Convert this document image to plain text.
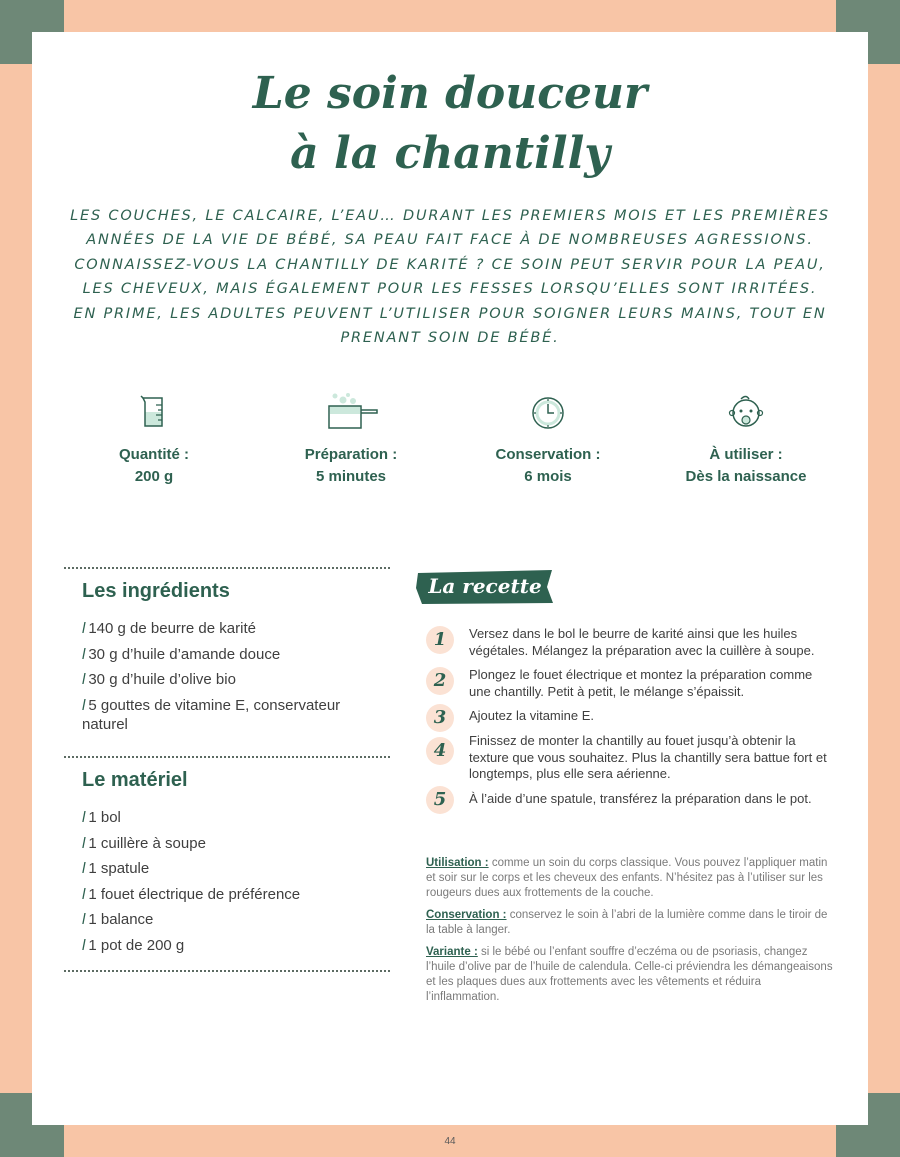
Le soin douceur
à la chantilly

LES COUCHES, LE CALCAIRE, L’EAU… DURANT LES PREMIERS MOIS ET LES PREMIÈRES ANNÉES DE LA VIE DE BÉBÉ, SA PEAU FAIT FACE À DE NOMBREUSES AGRESSIONS. CONNAISSEZ-VOUS LA CHANTILLY DE KARITÉ ? CE SOIN PEUT SERVIR POUR LA PEAU, LES CHEVEUX, MAIS ÉGALEMENT POUR LES FESSES LORSQU’ELLES SONT IRRITÉES. EN PRIME, LES ADULTES PEUVENT L’UTILISER POUR SOIGNER LEURS MAINS, TOUT EN PRENANT SOIN DE BÉBÉ.

Quantité :
200 g
Préparation :
5 minutes
Conservation :
6 mois
À utiliser :
Dès la naissance
Les ingrédients
ɫ 140 g de beurre de karité
ɫ 30 g d’huile d’amande douce
ɫ 30 g d’huile d’olive bio
ɫ 5 gouttes de vitamine E, conservateur naturel
Le matériel
ɫ 1 bol
ɫ 1 cuillère à soupe
ɫ 1 spatule
ɫ 1 fouet électrique de préférence
ɫ 1 balance
ɫ 1 pot de 200 g
La recette
1	Versez dans le bol le beurre de karité ainsi que les huiles végétales. Mélangez la préparation avec la cuillère à soupe.

2	Plongez le fouet électrique et montez la préparation comme une chantilly. Petit à petit, le mélange s’épaissit.

3	Ajoutez la vitamine E.

4	Finissez de monter la chantilly au fouet jusqu’à obtenir la texture que vous souhaitez. Plus la chantilly sera battue fort et longtemps, plus elle sera aérienne.

5	À l’aide d’une spatule, transférez la préparation dans le pot.

Utilisation : comme un soin du corps classique. Vous pouvez l’appliquer matin et soir sur le corps et les cheveux des enfants. N’hésitez pas à l’utiliser sur les rougeurs dues aux frottements de la couche.

Conservation : conservez le soin à l’abri de la lumière comme dans le tiroir de la table à langer.

Variante : si le bébé ou l’enfant souffre d’eczéma ou de psoriasis, changez l’huile d’olive par de l’huile de calendula. Celle-ci préviendra les démangeaisons et les plaques dues aux frottements avec les vêtements et réduira l’inflammation.

44
